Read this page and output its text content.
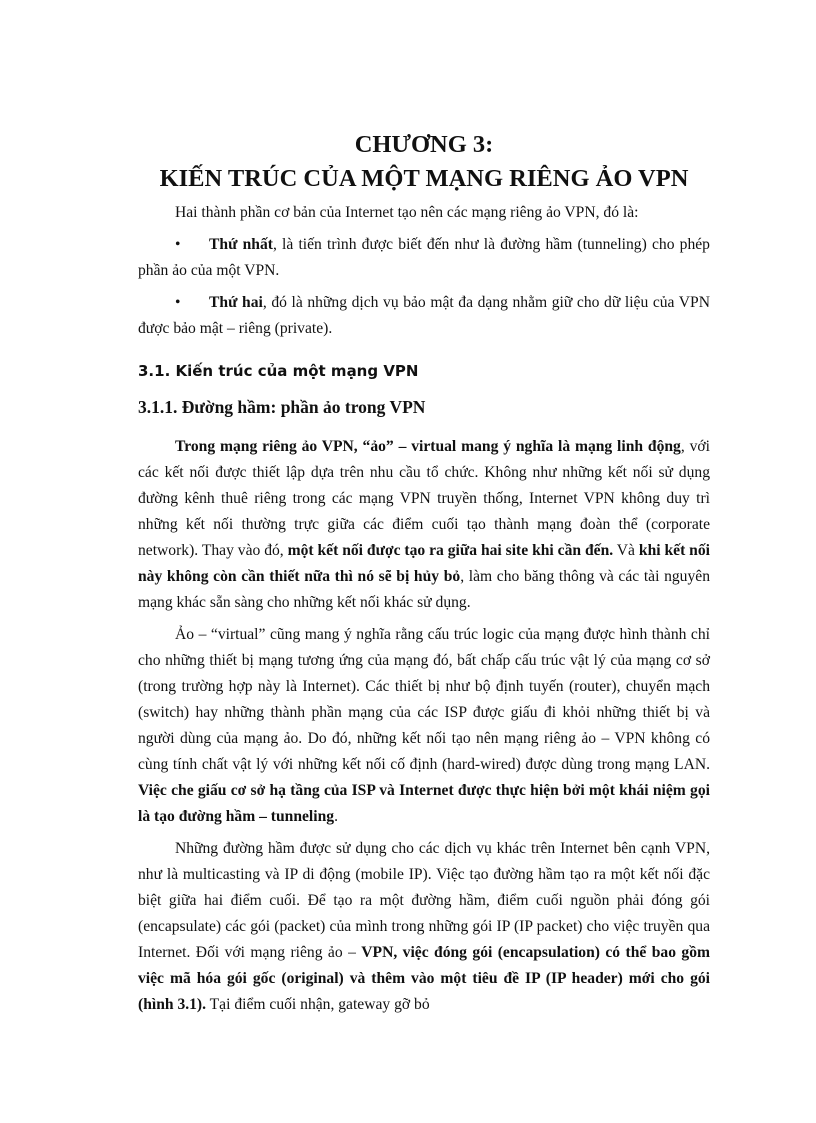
CHƯƠNG 3:
KIẾN TRÚC CỦA MỘT MẠNG RIÊNG ẢO VPN

Hai thành phần cơ bản của Internet tạo nên các mạng riêng ảo VPN, đó là:

• Thứ nhất, là tiến trình được biết đến như là đường hầm (tunneling) cho phép phần ảo của một VPN.

• Thứ hai, đó là những dịch vụ bảo mật đa dạng nhằm giữ cho dữ liệu của VPN được bảo mật – riêng (private).

3.1. Kiến trúc của một mạng VPN
3.1.1. Đường hầm: phần ảo trong VPN

Trong mạng riêng ảo VPN, “ảo” – virtual mang ý nghĩa là mạng linh động, với các kết nối được thiết lập dựa trên nhu cầu tổ chức. Không như những kết nối sử dụng đường kênh thuê riêng trong các mạng VPN truyền thống, Internet VPN không duy trì những kết nối thường trực giữa các điểm cuối tạo thành mạng đoàn thể (corporate network). Thay vào đó, một kết nối được tạo ra giữa hai site khi cần đến. Và khi kết nối này không còn cần thiết nữa thì nó sẽ bị hủy bỏ, làm cho băng thông và các tài nguyên mạng khác sẵn sàng cho những kết nối khác sử dụng.

Ảo – “virtual” cũng mang ý nghĩa rằng cấu trúc logic của mạng được hình thành chỉ cho những thiết bị mạng tương ứng của mạng đó, bất chấp cấu trúc vật lý của mạng cơ sở (trong trường hợp này là Internet). Các thiết bị như bộ định tuyến (router), chuyển mạch (switch) hay những thành phần mạng của các ISP được giấu đi khỏi những thiết bị và người dùng của mạng ảo. Do đó, những kết nối tạo nên mạng riêng ảo – VPN không có cùng tính chất vật lý với những kết nối cố định (hard-wired) được dùng trong mạng LAN. Việc che giấu cơ sở hạ tầng của ISP và Internet được thực hiện bởi một khái niệm gọi là tạo đường hầm – tunneling.

Những đường hầm được sử dụng cho các dịch vụ khác trên Internet bên cạnh VPN, như là multicasting và IP di động (mobile IP). Việc tạo đường hầm tạo ra một kết nối đặc biệt giữa hai điểm cuối. Để tạo ra một đường hầm, điểm cuối nguồn phải đóng gói (encapsulate) các gói (packet) của mình trong những gói IP (IP packet) cho việc truyền qua Internet. Đối với mạng riêng ảo – VPN, việc đóng gói (encapsulation) có thể bao gồm việc mã hóa gói gốc (original) và thêm vào một tiêu đề IP (IP header) mới cho gói (hình 3.1). Tại điểm cuối nhận, gateway gỡ bỏ
